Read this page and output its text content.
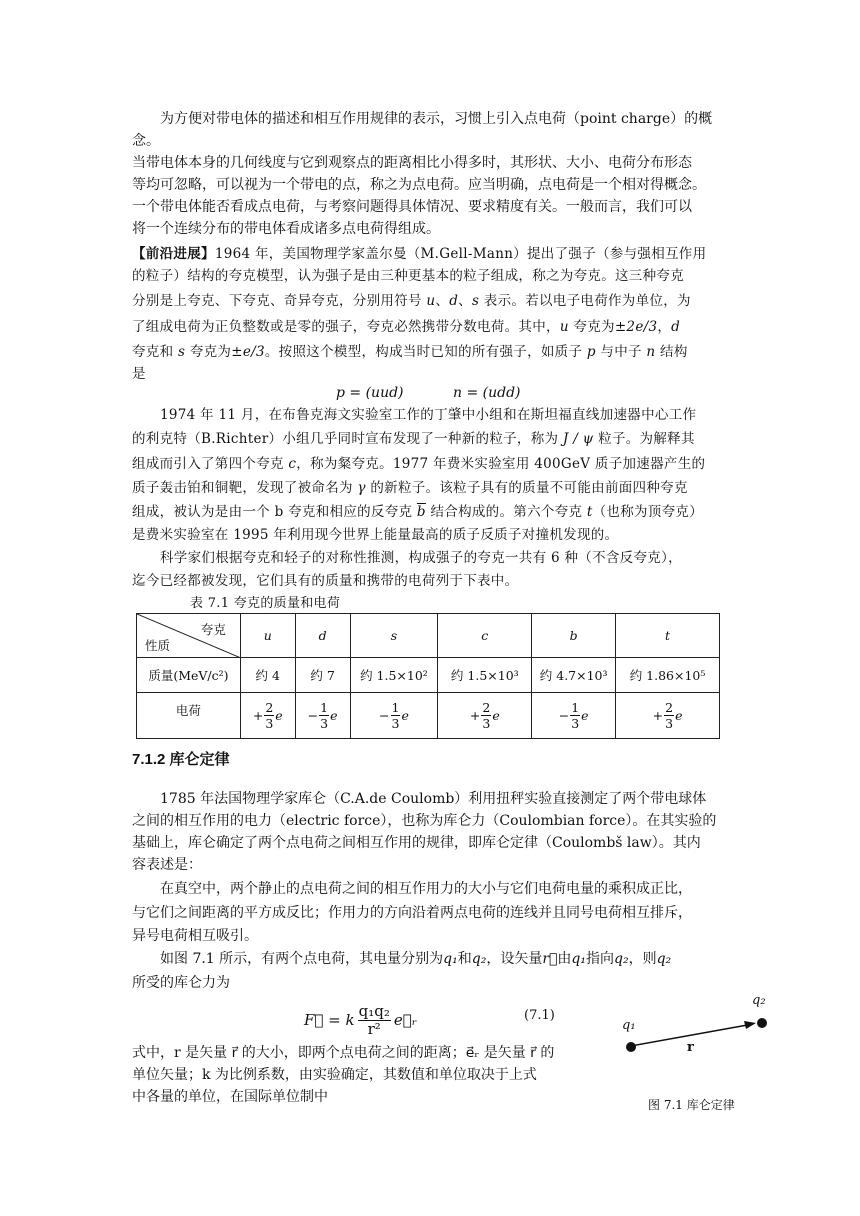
为方便对带电体的描述和相互作用规律的表示，习惯上引入点电荷（point charge）的概

念。

当带电体本身的几何线度与它到观察点的距离相比小得多时，其形状、大小、电荷分布形态

等均可忽略，可以视为一个带电的点，称之为点电荷。应当明确，点电荷是一个相对得概念。

一个带电体能否看成点电荷，与考察问题得具体情况、要求精度有关。一般而言，我们可以

将一个连续分布的带电体看成诸多点电荷得组成。

【前沿进展】1964 年，美国物理学家盖尔曼（M.Gell-Mann）提出了强子（参与强相互作用

的粒子）结构的夸克模型，认为强子是由三种更基本的粒子组成，称之为夸克。这三种夸克

分别是上夸克、下夸克、奇异夸克，分别用符号 u、d、s 表示。若以电子电荷作为单位，为

了组成电荷为正负整数或是零的强子，夸克必然携带分数电荷。其中，u 夸克为±2e/3，d

夸克和 s 夸克为±e/3。按照这个模型，构成当时已知的所有强子，如质子 p 与中子 n 结构

是

p = (uud)	n = (udd)

1974 年 11 月，在布鲁克海文实验室工作的丁肇中小组和在斯坦福直线加速器中心工作

的利克特（B.Richter）小组几乎同时宣布发现了一种新的粒子，称为 J / ψ 粒子。为解释其

组成而引入了第四个夸克 c，称为粲夸克。1977 年费米实验室用 400GeV 质子加速器产生的

质子轰击铂和铜靶，发现了被命名为 γ 的新粒子。该粒子具有的质量不可能由前面四种夸克

组成，被认为是由一个 b 夸克和相应的反夸克 $\overline{b}$ 结合构成的。第六个夸克 t（也称为顶夸克）

是费米实验室在 1995 年利用现今世界上能量最高的质子反质子对撞机发现的。

科学家们根据夸克和轻子的对称性推测，构成强子的夸克一共有 6 种（不含反夸克），

迄今已经都被发现，它们具有的质量和携带的电荷列于下表中。

表 7.1 夸克的质量和电荷

夸克
性质	u	d	s	c	b	t
质量(MeV/c²)	约 4	约 7	约 1.5×10²	约 1.5×10³	约 4.7×10³	约 1.86×10⁵
电荷	+ $\frac{2}{3}$ e	− $\frac{1}{3}$ e	− $\frac{1}{3}$ e	+ $\frac{2}{3}$ e	− $\frac{1}{3}$ e	+ $\frac{2}{3}$ e
7.1.2 库仑定律

1785 年法国物理学家库仑（C.A.de Coulomb）利用扭秤实验直接测定了两个带电球体

之间的相互作用的电力（electric force），也称为库仑力（Coulombian force）。在其实验的

基础上，库仑确定了两个点电荷之间相互作用的规律，即库仑定律（Coulombš law）。其内

容表述是：

在真空中，两个静止的点电荷之间的相互作用力的大小与它们电荷电量的乘积成正比，

与它们之间距离的平方成反比；作用力的方向沿着两点电荷的连线并且同号电荷相互排斥，

异号电荷相互吸引。

如图 7.1 所示，有两个点电荷，其电量分别为q₁和q₂，设矢量r⃗由q₁指向q₂，则q₂

所受的库仑力为

F⃗ = k $\frac{\text{q₁q₂}}{\text{r²}}$ e⃗ᵣ	(7.1)

式中，r 是矢量 r⃗ 的大小，即两个点电荷之间的距离；e⃗ᵣ 是矢量 r⃗ 的

单位矢量；k 为比例系数，由实验确定，其数值和单位取决于上式

中各量的单位，在国际单位制中

q₁
q₂
r
图 7.1 库仑定律
